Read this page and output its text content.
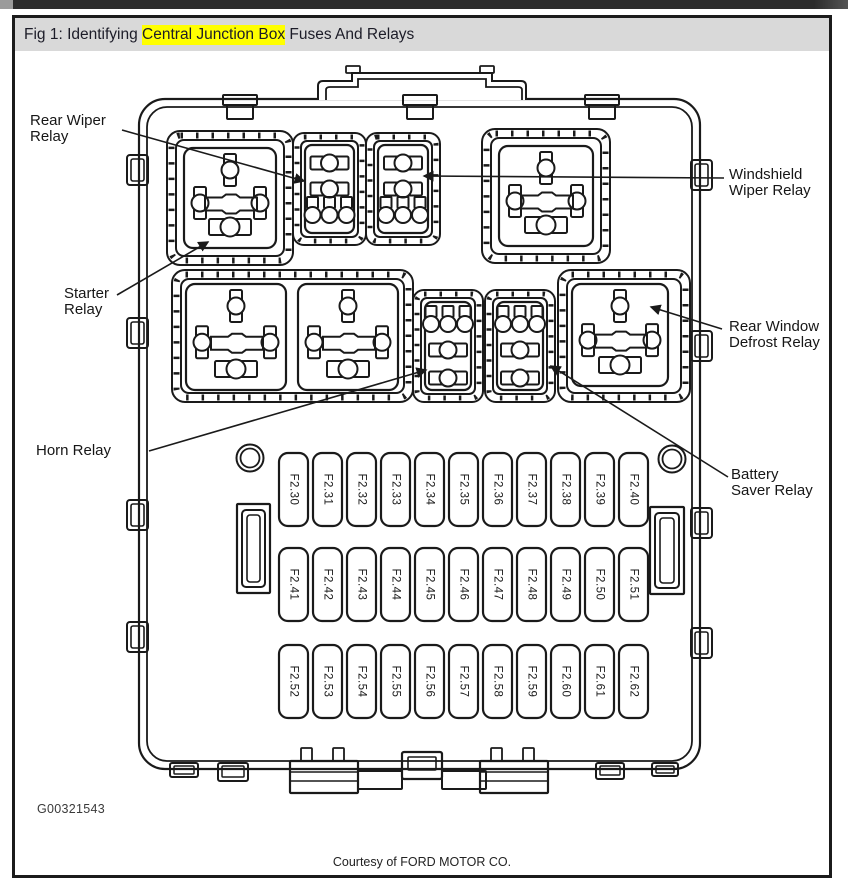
Fig 1: Identifying Central Junction Box Fuses And Relays
F2.30 F2.31 F2.32 F2.33 F2.34 F2.35 F2.36 F2.37 F2.38 F2.39 F2.40
F2.41 F2.42 F2.43 F2.44 F2.45 F2.46 F2.47 F2.48 F2.49 F2.50 F2.51
F2.52 F2.53 F2.54 F2.55 F2.56 F2.57 F2.58 F2.59 F2.60 F2.61 F2.62
Rear Wiper Relay
Windshield Wiper Relay
Starter Relay
Rear Window Defrost Relay
Horn Relay
Battery Saver Relay
G00321543
Courtesy of FORD MOTOR CO.
